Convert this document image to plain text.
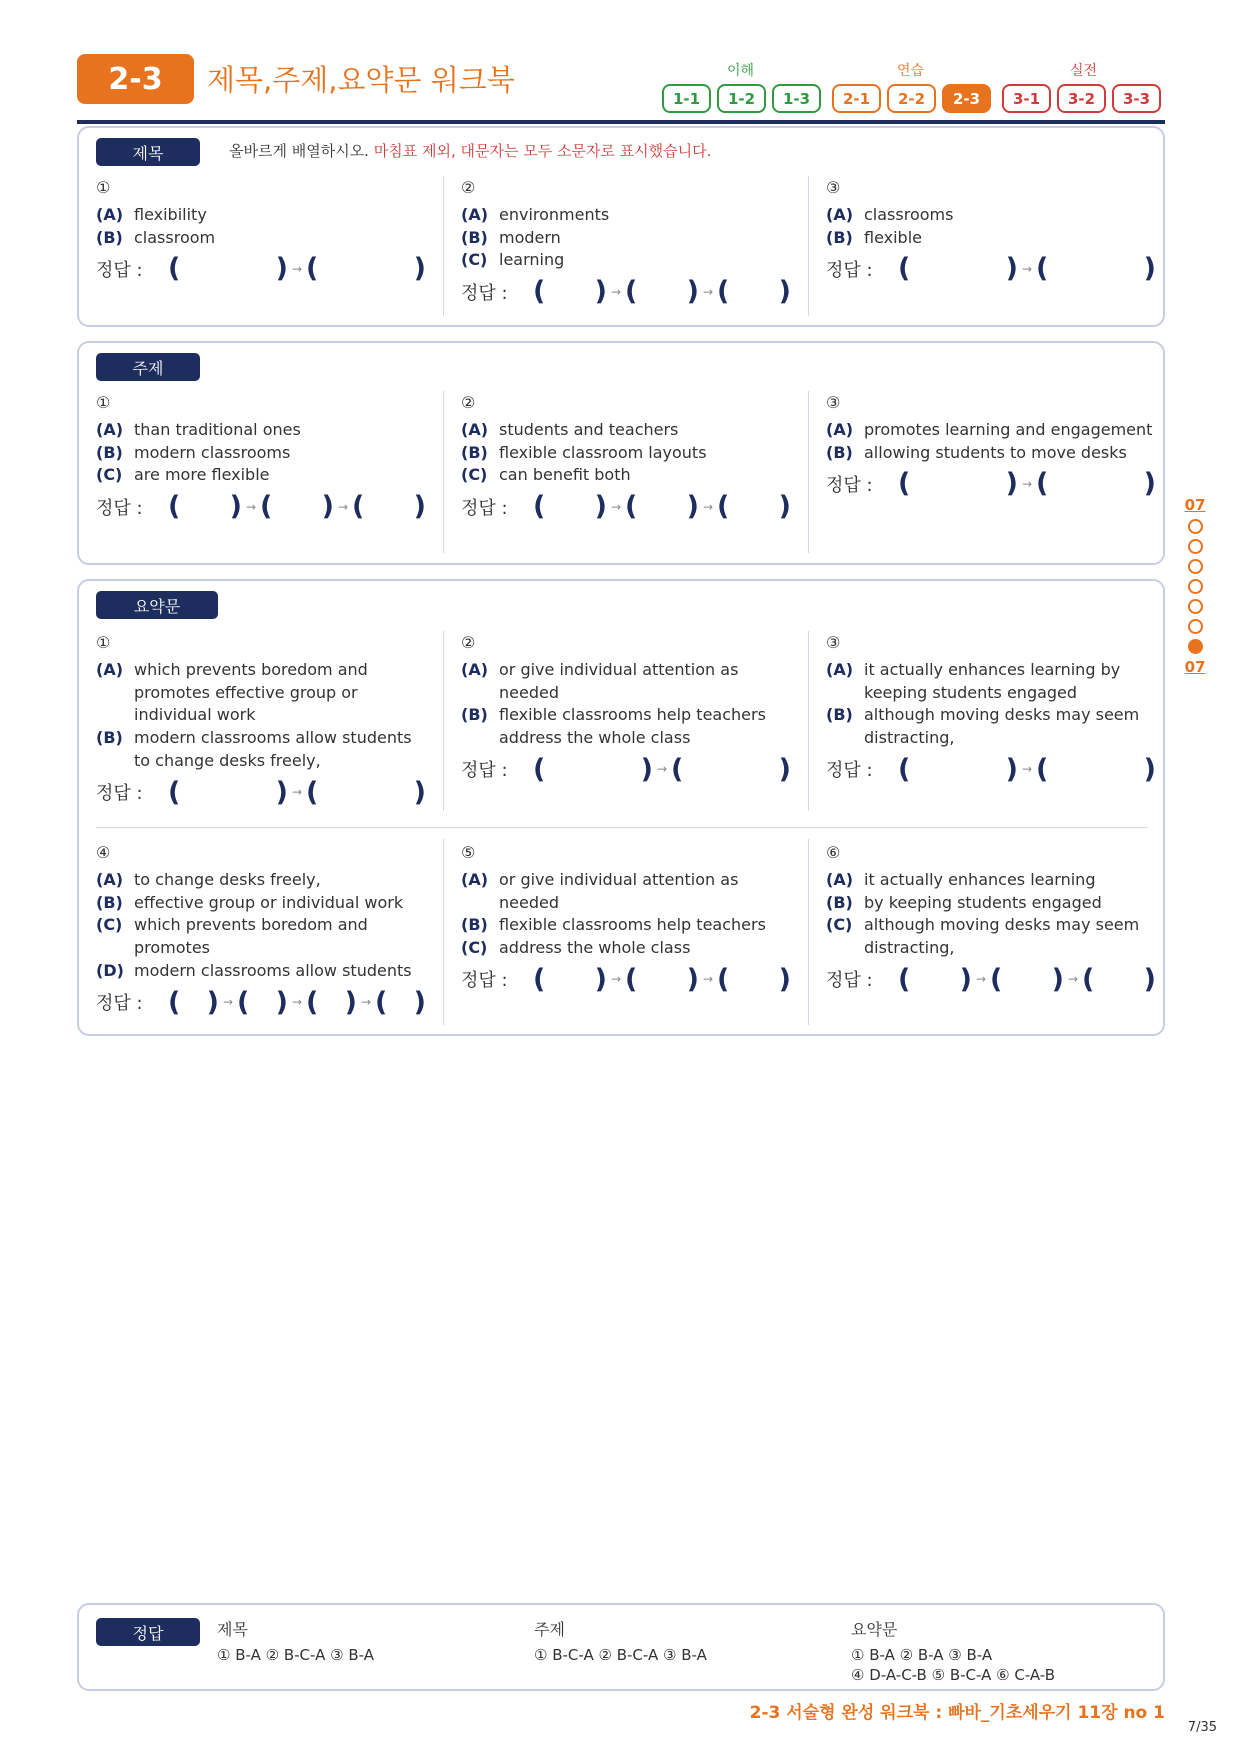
2-3	제목,주제,요약문 워크북	이해	연습	실전
1-1	1-2	1-3	2-1	2-2	2-3	3-1	3-2	3-3
제목	올바르게 배열하시오. 마침표 제외, 대문자는 모두 소문자로 표시했습니다.
①
(A) flexibility
(B) classroom
정답 : (	) → (	)
②
(A) environments
(B) modern
(C) learning
정답 : ( ) → ( ) → ( )
③
(A) classrooms
(B) flexible
정답 : (	) → (	)
주제
①
(A) than traditional ones
(B) modern classrooms
(C) are more flexible
정답 : ( ) → ( ) → ( )
②
(A) students and teachers
(B) flexible classroom layouts
(C) can benefit both
정답 : ( ) → ( ) → ( )
③
(A) promotes learning and engagement
(B) allowing students to move desks
정답 : (	) → (	)
요약문
①
(A) which prevents boredom and promotes effective group or individual work
(B) modern classrooms allow students to change desks freely,
정답 : (	) → (	)
②
(A) or give individual attention as needed
(B) flexible classrooms help teachers address the whole class
정답 : (	) → (	)
③
(A) it actually enhances learning by keeping students engaged
(B) although moving desks may seem distracting,
정답 : (	) → (	)
④
(A) to change desks freely,
(B) effective group or individual work
(C) which prevents boredom and promotes
(D) modern classrooms allow students
정답 : ( ) → ( ) → ( ) → ( )
⑤
(A) or give individual attention as needed
(B) flexible classrooms help teachers
(C) address the whole class
정답 : ( ) → ( ) → ( )
⑥
(A) it actually enhances learning
(B) by keeping students engaged
(C) although moving desks may seem distracting,
정답 : ( ) → ( ) → ( )
07
07
정답	제목
① B-A ② B-C-A ③ B-A
주제
① B-C-A ② B-C-A ③ B-A
요약문
① B-A ② B-A ③ B-A
④ D-A-C-B ⑤ B-C-A ⑥ C-A-B
2-3 서술형 완성 워크북 : 빠바_기초세우기 11장 no 1
7/35
